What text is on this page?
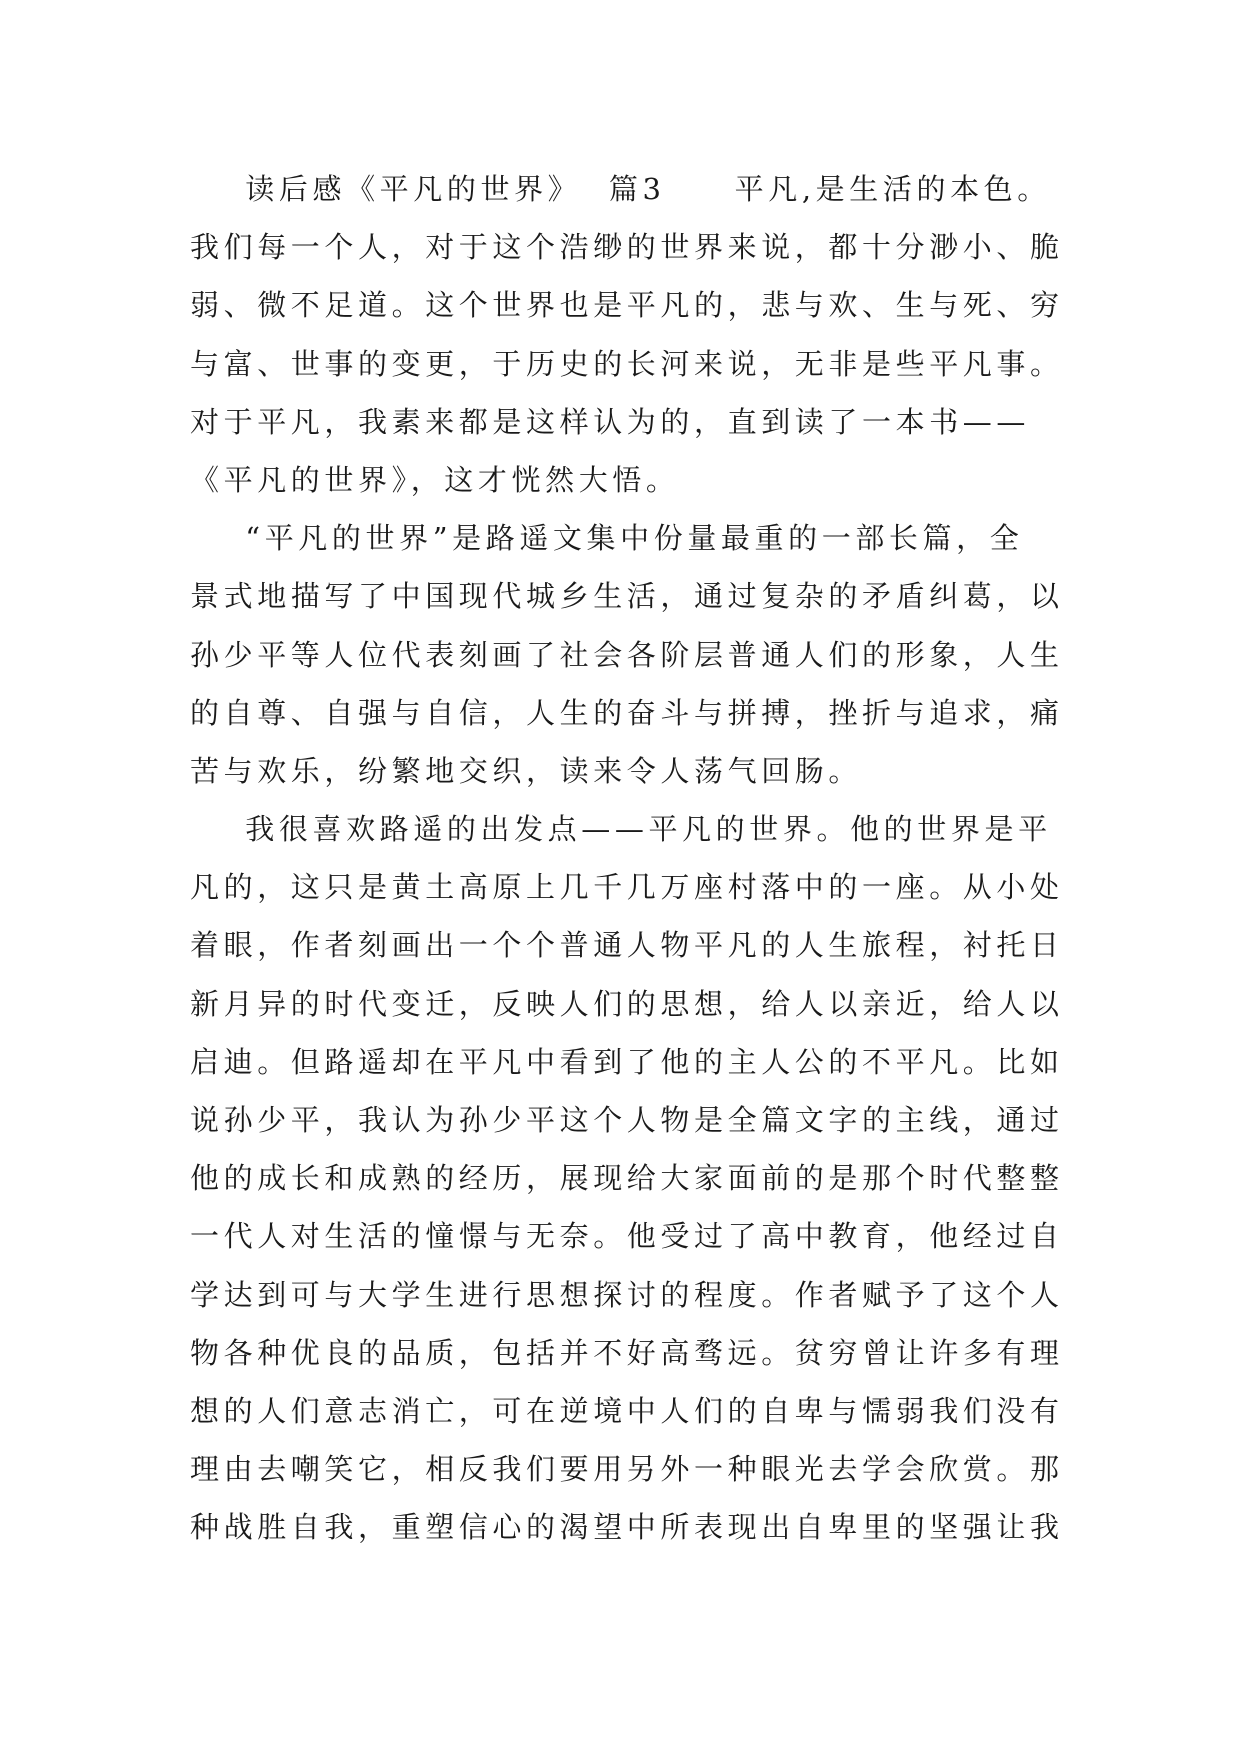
读后感《平凡的世界》  篇3     平凡,是生活的本色。
我们每一个人，对于这个浩缈的世界来说，都十分渺小、脆
弱、微不足道。这个世界也是平凡的，悲与欢、生与死、穷
与富、世事的变更，于历史的长河来说，无非是些平凡事。
对于平凡，我素来都是这样认为的，直到读了一本书——
《平凡的世界》，这才恍然大悟。
“平凡的世界”是路遥文集中份量最重的一部长篇，全
景式地描写了中国现代城乡生活，通过复杂的矛盾纠葛，以
孙少平等人位代表刻画了社会各阶层普通人们的形象，人生
的自尊、自强与自信，人生的奋斗与拼搏，挫折与追求，痛
苦与欢乐，纷繁地交织，读来令人荡气回肠。
我很喜欢路遥的出发点——平凡的世界。他的世界是平
凡的，这只是黄土高原上几千几万座村落中的一座。从小处
着眼，作者刻画出一个个普通人物平凡的人生旅程，衬托日
新月异的时代变迁，反映人们的思想，给人以亲近，给人以
启迪。但路遥却在平凡中看到了他的主人公的不平凡。比如
说孙少平，我认为孙少平这个人物是全篇文字的主线，通过
他的成长和成熟的经历，展现给大家面前的是那个时代整整
一代人对生活的憧憬与无奈。他受过了高中教育，他经过自
学达到可与大学生进行思想探讨的程度。作者赋予了这个人
物各种优良的品质，包括并不好高骛远。贫穷曾让许多有理
想的人们意志消亡，可在逆境中人们的自卑与懦弱我们没有
理由去嘲笑它，相反我们要用另外一种眼光去学会欣赏。那
种战胜自我，重塑信心的渴望中所表现出自卑里的坚强让我
